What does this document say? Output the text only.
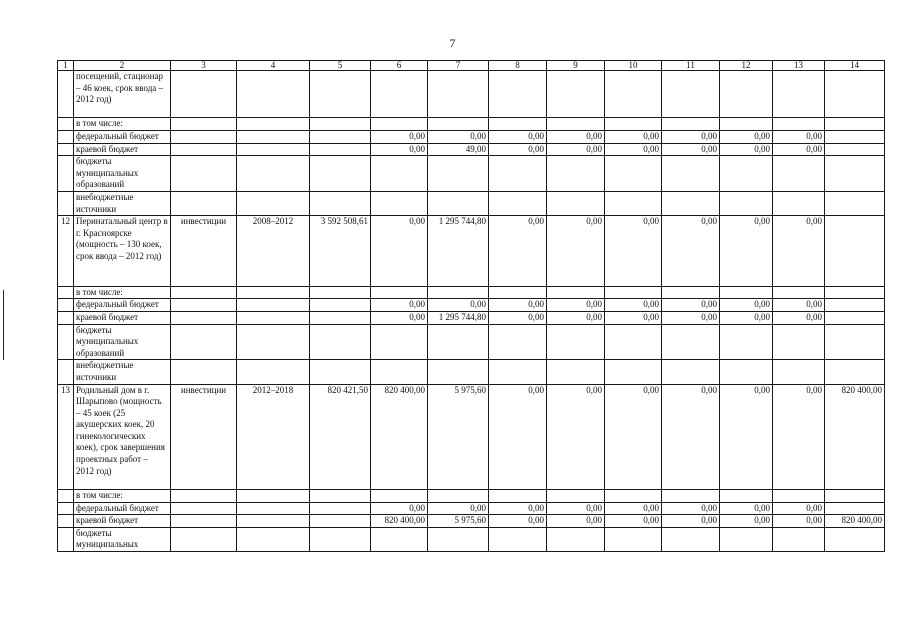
7
1	2	3	4	5	6	7	8	9	10	11	12	13	14
	посещений, стационар – 46 коек, срок ввода – 2012 год)												
	в том числе:												
	федеральный бюджет				0,00	0,00	0,00	0,00	0,00	0,00	0,00	0,00	
	краевой бюджет				0,00	49,00	0,00	0,00	0,00	0,00	0,00	0,00	
	бюджеты муниципальных образований												
	внебюджетные источники												
12	Перинатальный центр в г. Красноярске (мощность – 130 коек, срок ввода – 2012 год)	инвестиции	2008–2012	3 592 508,61	0,00	1 295 744,80	0,00	0,00	0,00	0,00	0,00	0,00	
	в том числе:												
	федеральный бюджет				0,00	0,00	0,00	0,00	0,00	0,00	0,00	0,00	
	краевой бюджет				0,00	1 295 744,80	0,00	0,00	0,00	0,00	0,00	0,00	
	бюджеты муниципальных образований												
	внебюджетные источники												
13	Родильный дом в г. Шарыпово (мощность – 45 коек (25 акушерских коек, 20 гинекологических коек), срок завершения проектных работ – 2012 год)	инвестиции	2012–2018	820 421,50	820 400,00	5 975,60	0,00	0,00	0,00	0,00	0,00	0,00	820 400,00
	в том числе:												
	федеральный бюджет				0,00	0,00	0,00	0,00	0,00	0,00	0,00	0,00	
	краевой бюджет				820 400,00	5 975,60	0,00	0,00	0,00	0,00	0,00	0,00	820 400,00
	бюджеты муниципальных												
